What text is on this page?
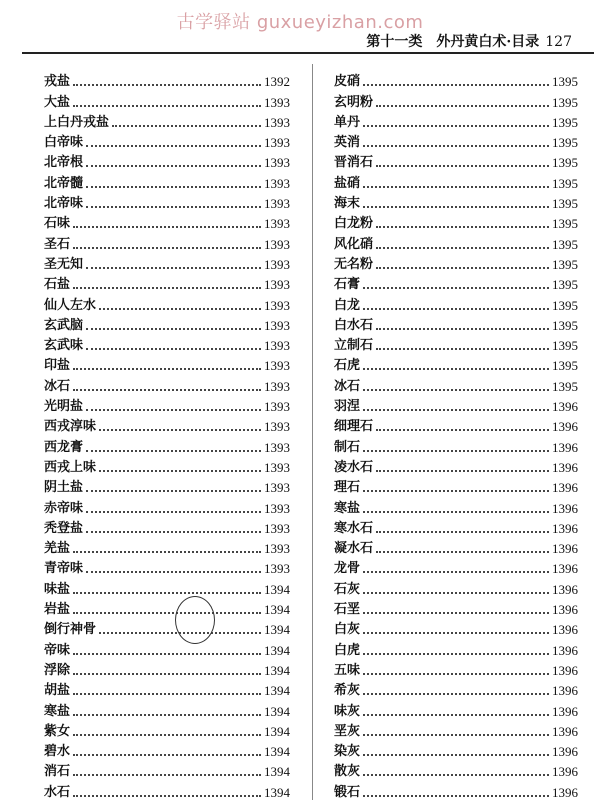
古学驿站 guxueyizhan.com
第十一类　外丹黄白术·目录 127
戎盐	1392
大盐	1393
上白丹戎盐	1393
白帝味	1393
北帝根	1393
北帝髓	1393
北帝味	1393
石味	1393
圣石	1393
圣无知	1393
石盐	1393
仙人左水	1393
玄武脑	1393
玄武味	1393
印盐	1393
冰石	1393
光明盐	1393
西戎淳味	1393
西龙膏	1393
西戎上味	1393
阴土盐	1393
赤帝味	1393
秃登盐	1393
羌盐	1393
青帝味	1393
味盐	1394
岩盐	1394
倒行神骨	1394
帝味	1394
浮除	1394
胡盐	1394
寒盐	1394
紫女	1394
碧水	1394
消石	1394
水石	1394
皮硝	1395
玄明粉	1395
单丹	1395
英消	1395
晋消石	1395
盐硝	1395
海末	1395
白龙粉	1395
风化硝	1395
无名粉	1395
石膏	1395
白龙	1395
白水石	1395
立制石	1395
石虎	1395
冰石	1395
羽涅	1396
细理石	1396
制石	1396
凌水石	1396
理石	1396
寒盐	1396
寒水石	1396
凝水石	1396
龙骨	1396
石灰	1396
石垩	1396
白灰	1396
白虎	1396
五味	1396
希灰	1396
味灰	1396
垩灰	1396
染灰	1396
散灰	1396
锻石	1396
